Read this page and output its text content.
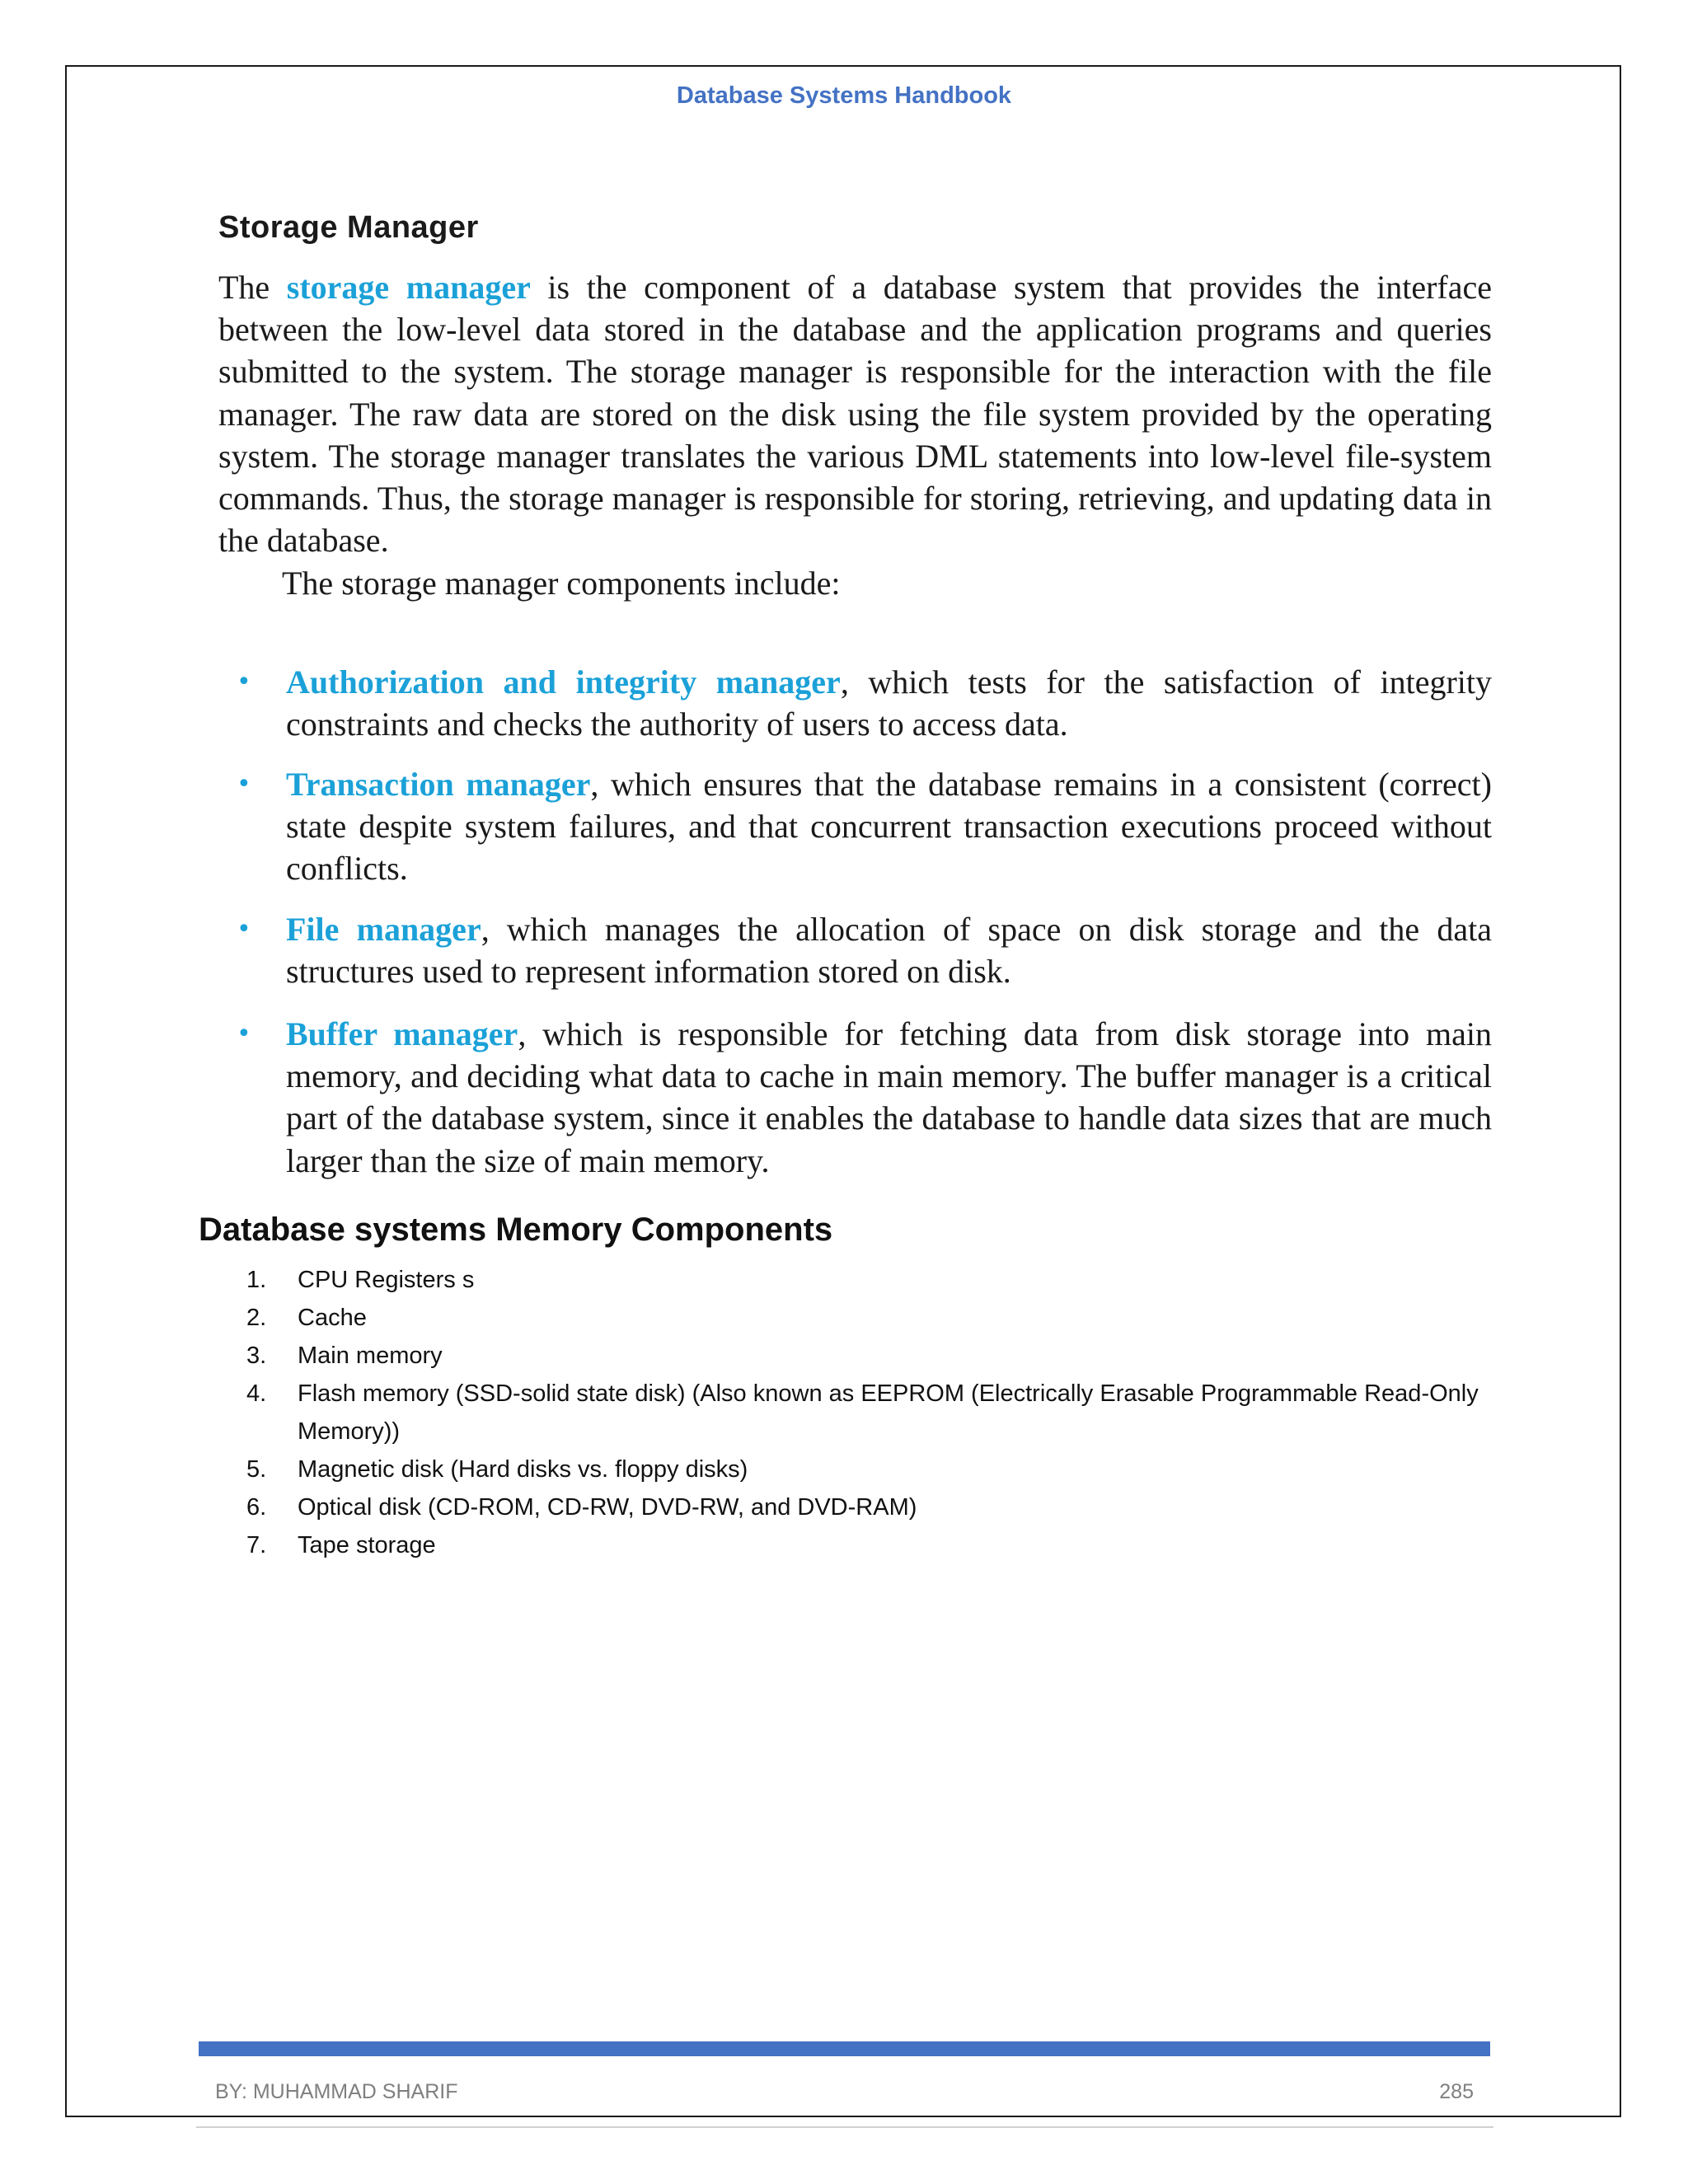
Database Systems Handbook
Storage Manager
The storage manager is the component of a database system that provides the interface between the low-level data stored in the database and the application programs and queries submitted to the system. The storage manager is responsible for the interaction with the file manager. The raw data are stored on the disk using the file system provided by the operating system. The storage manager translates the various DML statements into low-level file-system commands. Thus, the storage manager is responsible for storing, retrieving, and updating data in the database.
The storage manager components include:
• Authorization and integrity manager, which tests for the satisfaction of integrity constraints and checks the authority of users to access data.
• Transaction manager, which ensures that the database remains in a consistent (correct) state despite system failures, and that concurrent transaction executions proceed without conflicts.
• File manager, which manages the allocation of space on disk storage and the data structures used to represent information stored on disk.
• Buffer manager, which is responsible for fetching data from disk storage into main memory, and deciding what data to cache in main memory. The buffer manager is a critical part of the database system, since it enables the database to handle data sizes that are much larger than the size of main memory.
Database systems Memory Components
1. CPU Registers s
2. Cache
3. Main memory
4. Flash memory (SSD-solid state disk) (Also known as EEPROM (Electrically Erasable Programmable Read-Only Memory))
5. Magnetic disk (Hard disks vs. floppy disks)
6. Optical disk (CD-ROM, CD-RW, DVD-RW, and DVD-RAM)
7. Tape storage
BY: MUHAMMAD SHARIF	285
